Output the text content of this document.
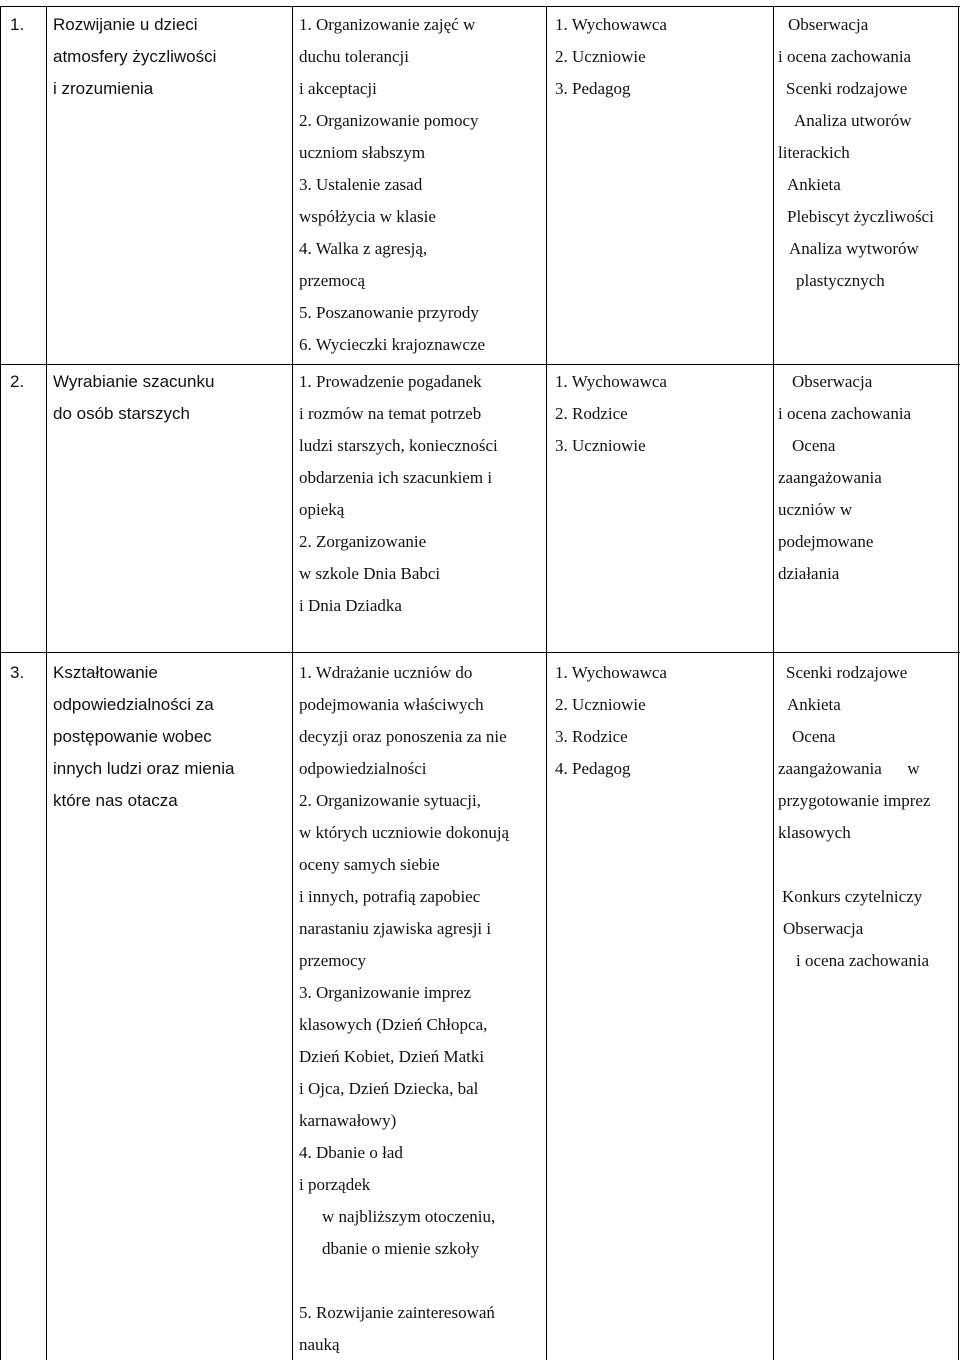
1. Rozwijanie u dzieci
atmosfery życzliwości
i zrozumienia
1. Organizowanie zajęć w
duchu tolerancji
i akceptacji
2. Organizowanie pomocy
uczniom słabszym
3. Ustalenie zasad
współżycia w klasie
4. Walka z agresją,
przemocą
5. Poszanowanie przyrody
6. Wycieczki krajoznawcze
1. Wychowawca
2. Uczniowie
3. Pedagog
Obserwacja
i ocena zachowania
Scenki rodzajowe
Analiza utworów
literackich
Ankieta
Plebiscyt życzliwości
Analiza wytworów
plastycznych
2. Wyrabianie szacunku
do osób starszych
1. Prowadzenie pogadanek
i rozmów na temat potrzeb
ludzi starszych, konieczności
obdarzenia ich szacunkiem i
opieką
2. Zorganizowanie
w szkole Dnia Babci
i Dnia Dziadka
1. Wychowawca
2. Rodzice
3. Uczniowie
Obserwacja
i ocena zachowania
Ocena
zaangażowania
uczniów w
podejmowane
działania
3. Kształtowanie
odpowiedzialności za
postępowanie wobec
innych ludzi oraz mienia
które nas otacza
1. Wdrażanie uczniów do
podejmowania właściwych
decyzji oraz ponoszenia za nie
odpowiedzialności
2. Organizowanie sytuacji,
w których uczniowie dokonują
oceny samych siebie
i innych, potrafią zapobiec
narastaniu zjawiska agresji i
przemocy
3. Organizowanie imprez
klasowych (Dzień Chłopca,
Dzień Kobiet, Dzień Matki
i Ojca, Dzień Dziecka, bal
karnawałowy)
4. Dbanie o ład
i porządek
w najbliższym otoczeniu,
dbanie o mienie szkoły
5. Rozwijanie zainteresowań
nauką
1. Wychowawca
2. Uczniowie
3. Rodzice
4. Pedagog
Scenki rodzajowe
Ankieta
Ocena
zaangażowania      w
przygotowanie imprez
klasowych
Konkurs czytelniczy
Obserwacja
i ocena zachowania
